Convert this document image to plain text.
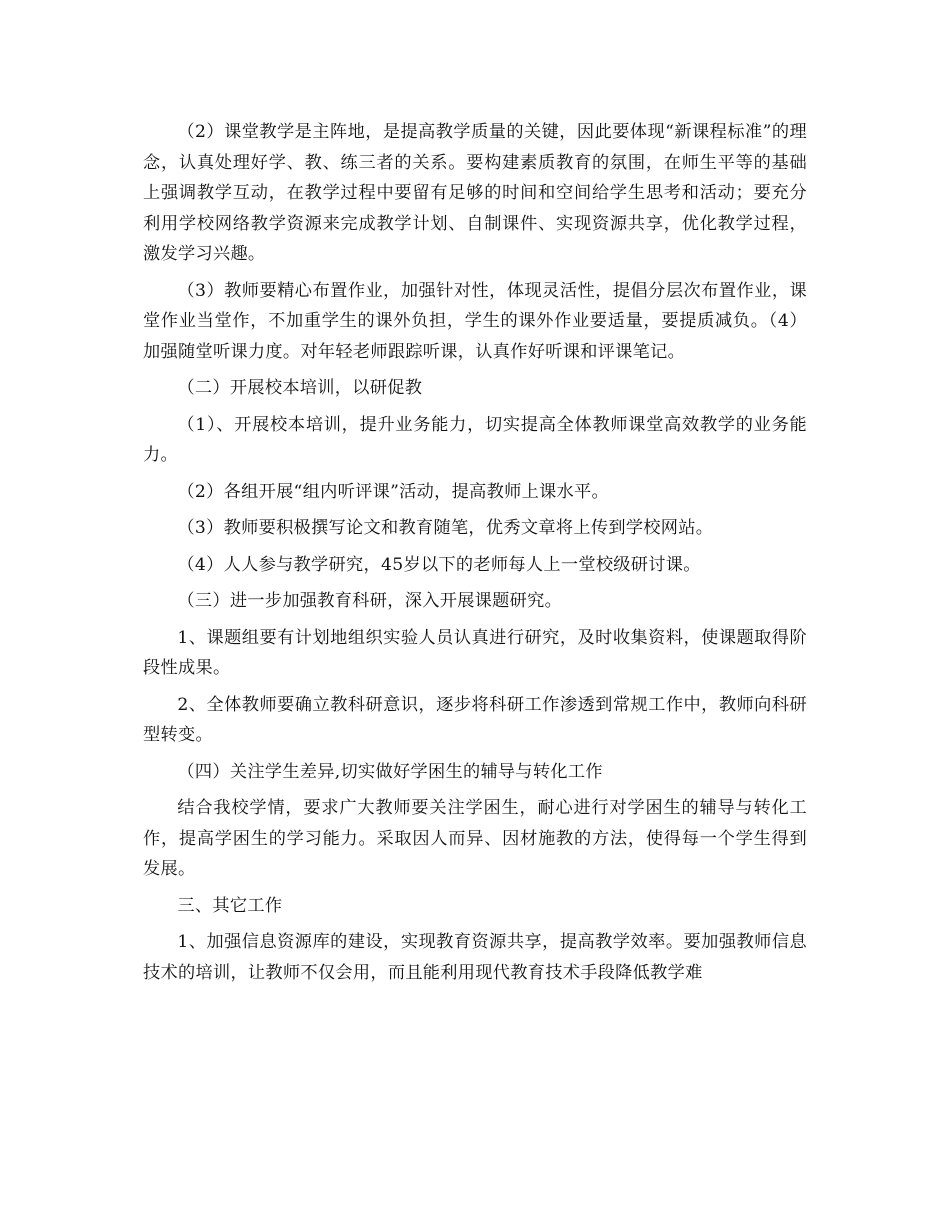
（2）课堂教学是主阵地，是提高教学质量的关键，因此要体现“新课程标准”的理念，认真处理好学、教、练三者的关系。要构建素质教育的氛围，在师生平等的基础上强调教学互动，在教学过程中要留有足够的时间和空间给学生思考和活动；要充分利用学校网络教学资源来完成教学计划、自制课件、实现资源共享，优化教学过程，激发学习兴趣。

（3）教师要精心布置作业，加强针对性，体现灵活性，提倡分层次布置作业，课堂作业当堂作，不加重学生的课外负担，学生的课外作业要适量，要提质减负。（4）加强随堂听课力度。对年轻老师跟踪听课，认真作好听课和评课笔记。

（二）开展校本培训，以研促教

（1）、开展校本培训，提升业务能力，切实提高全体教师课堂高效教学的业务能力。

（2）各组开展“组内听评课”活动，提高教师上课水平。

（3）教师要积极撰写论文和教育随笔，优秀文章将上传到学校网站。

（4）人人参与教学研究，45岁以下的老师每人上一堂校级研讨课。

（三）进一步加强教育科研，深入开展课题研究。

1、课题组要有计划地组织实验人员认真进行研究，及时收集资料，使课题取得阶段性成果。

2、全体教师要确立教科研意识，逐步将科研工作渗透到常规工作中，教师向科研型转变。

（四）关注学生差异,切实做好学困生的辅导与转化工作

结合我校学情，要求广大教师要关注学困生，耐心进行对学困生的辅导与转化工作，提高学困生的学习能力。采取因人而异、因材施教的方法，使得每一个学生得到发展。

三、其它工作

1、加强信息资源库的建设，实现教育资源共享，提高教学效率。要加强教师信息技术的培训，让教师不仅会用，而且能利用现代教育技术手段降低教学难
